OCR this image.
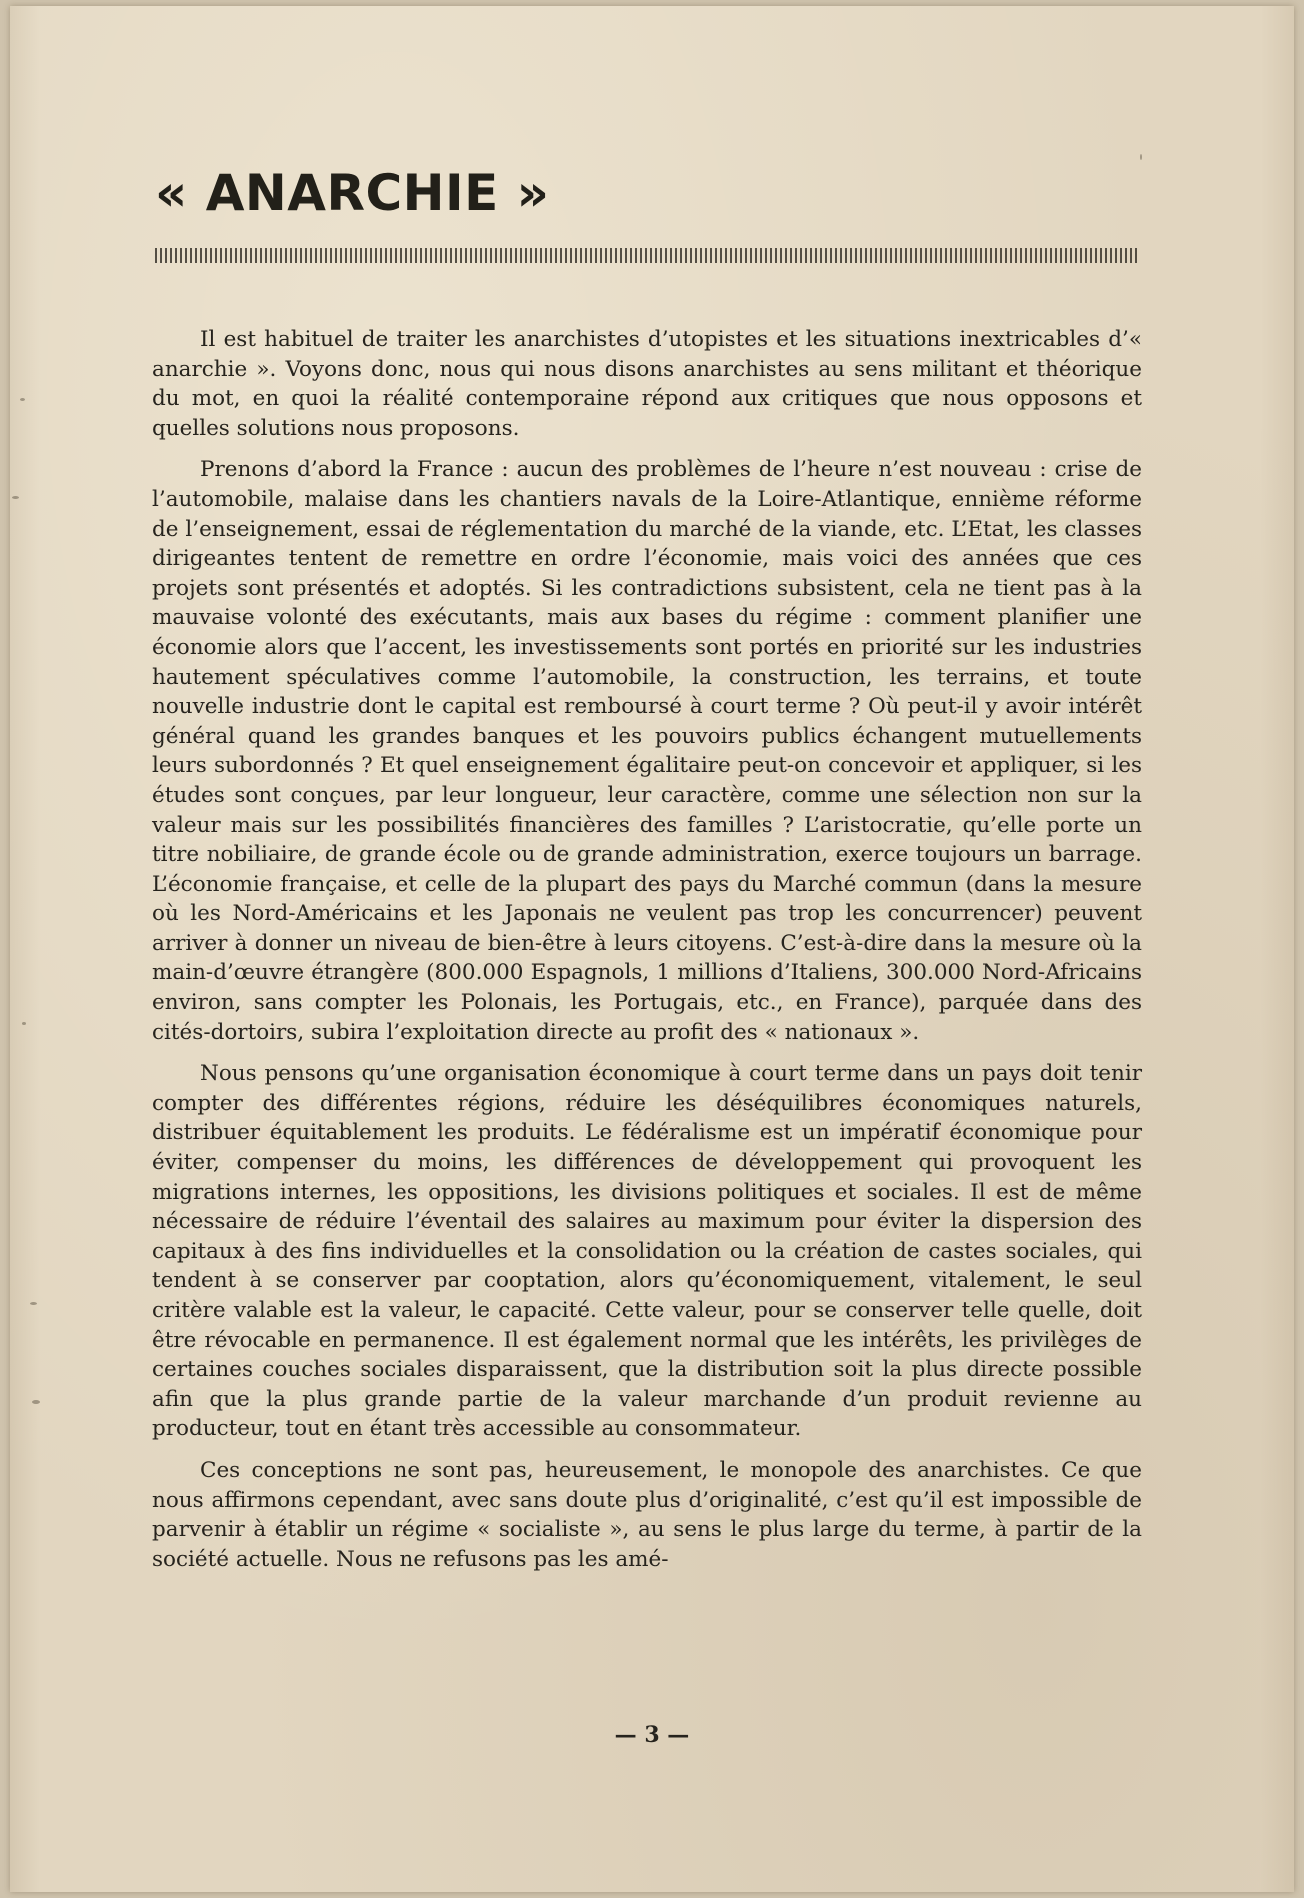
« ANARCHIE »

Il est habituel de traiter les anarchistes d’utopistes et les situations inextricables d’« anarchie ». Voyons donc, nous qui nous disons anarchistes au sens militant et théorique du mot, en quoi la réalité contemporaine répond aux critiques que nous opposons et quelles solutions nous proposons.

Prenons d’abord la France : aucun des problèmes de l’heure n’est nouveau : crise de l’automobile, malaise dans les chantiers navals de la Loire-Atlantique, ennième réforme de l’enseignement, essai de réglementation du marché de la viande, etc. L’Etat, les classes dirigeantes tentent de remettre en ordre l’économie, mais voici des années que ces projets sont présentés et adoptés. Si les contradictions subsistent, cela ne tient pas à la mauvaise volonté des exécutants, mais aux bases du régime : comment planifier une économie alors que l’accent, les investissements sont portés en priorité sur les industries hautement spéculatives comme l’automobile, la construction, les terrains, et toute nouvelle industrie dont le capital est remboursé à court terme ? Où peut-il y avoir intérêt général quand les grandes banques et les pouvoirs publics échangent mutuellements leurs subordonnés ? Et quel enseignement égalitaire peut-on concevoir et appliquer, si les études sont conçues, par leur longueur, leur caractère, comme une sélection non sur la valeur mais sur les possibilités financières des familles ? L’aristocratie, qu’elle porte un titre nobiliaire, de grande école ou de grande administration, exerce toujours un barrage. L’économie française, et celle de la plupart des pays du Marché commun (dans la mesure où les Nord-Américains et les Japonais ne veulent pas trop les concurrencer) peuvent arriver à donner un niveau de bien-être à leurs citoyens. C’est-à-dire dans la mesure où la main-d’œuvre étrangère (800.000 Espagnols, 1 millions d’Italiens, 300.000 Nord-Africains environ, sans compter les Polonais, les Portugais, etc., en France), parquée dans des cités-dortoirs, subira l’exploitation directe au profit des « nationaux ».

Nous pensons qu’une organisation économique à court terme dans un pays doit tenir compter des différentes régions, réduire les déséquilibres économiques naturels, distribuer équitablement les produits. Le fédéralisme est un impératif économique pour éviter, compenser du moins, les différences de développement qui provoquent les migrations internes, les oppositions, les divisions politiques et sociales. Il est de même nécessaire de réduire l’éventail des salaires au maximum pour éviter la dispersion des capitaux à des fins individuelles et la consolidation ou la création de castes sociales, qui tendent à se conserver par cooptation, alors qu’économiquement, vitalement, le seul critère valable est la valeur, le capacité. Cette valeur, pour se conserver telle quelle, doit être révocable en permanence. Il est également normal que les intérêts, les privilèges de certaines couches sociales disparaissent, que la distribution soit la plus directe possible afin que la plus grande partie de la valeur marchande d’un produit revienne au producteur, tout en étant très accessible au consommateur.

Ces conceptions ne sont pas, heureusement, le monopole des anarchistes. Ce que nous affirmons cependant, avec sans doute plus d’originalité, c’est qu’il est impossible de parvenir à établir un régime « socialiste », au sens le plus large du terme, à partir de la société actuelle. Nous ne refusons pas les amé-

— 3 —
